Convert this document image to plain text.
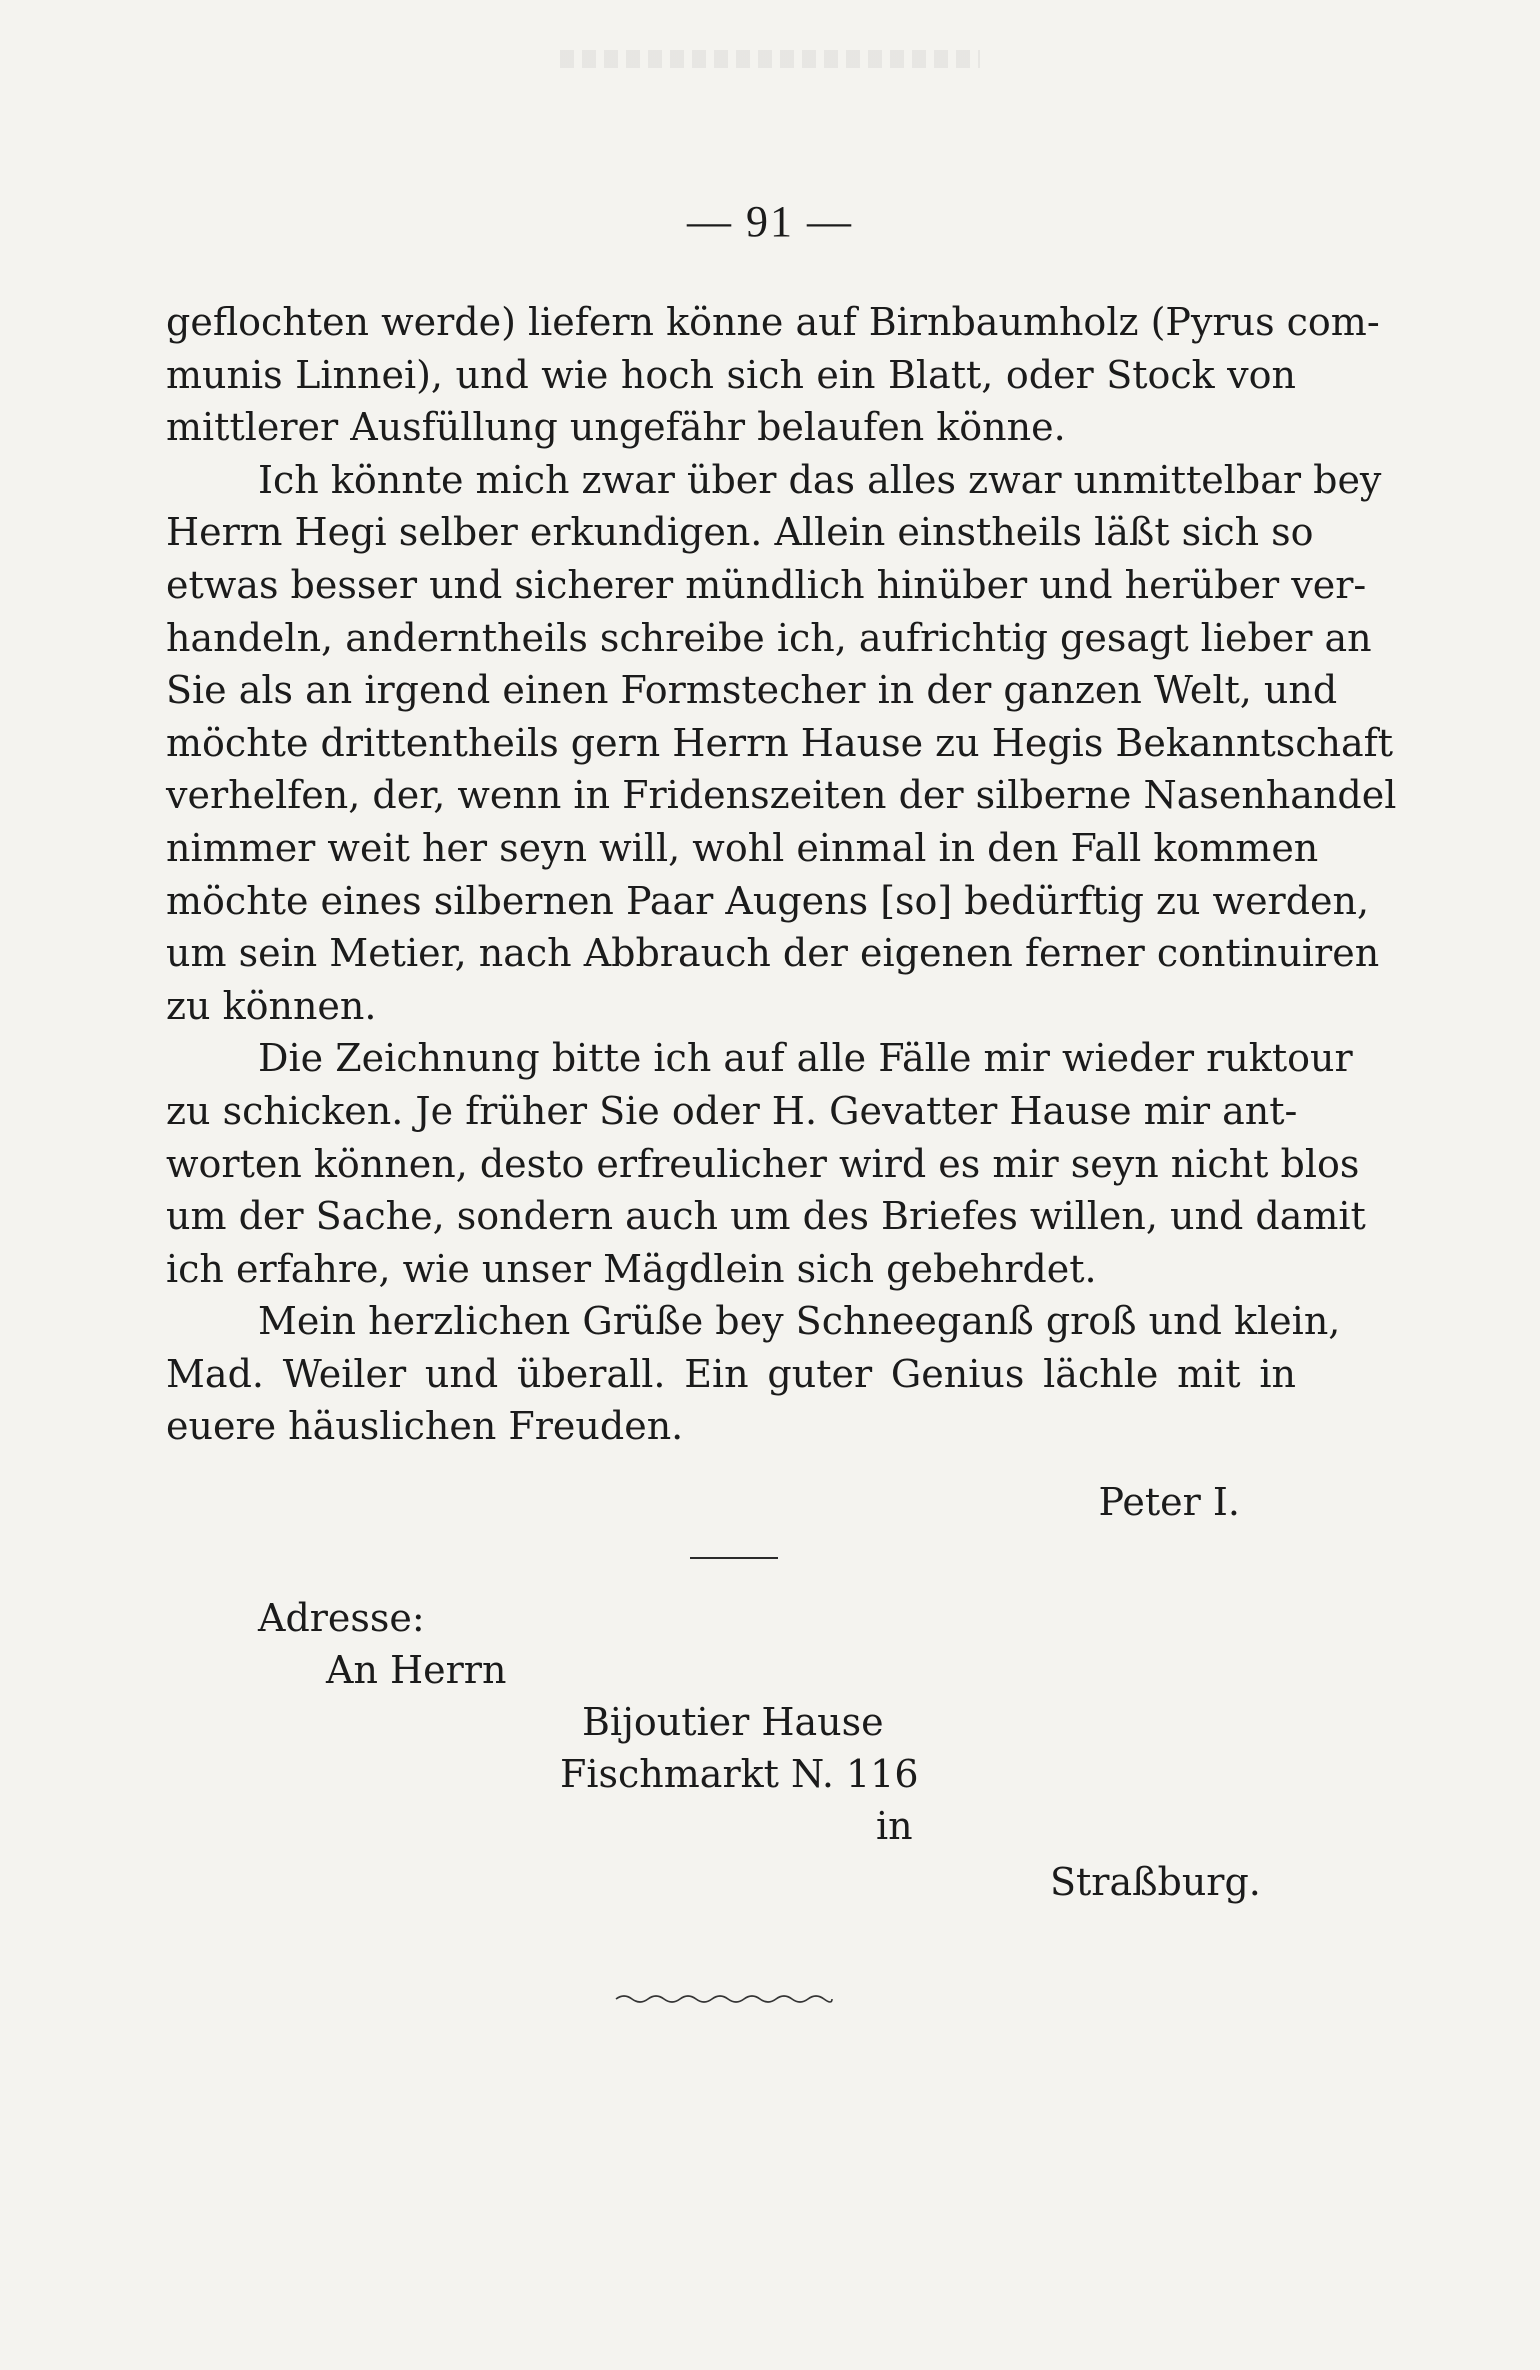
— 91 —
geflochten werde) liefern könne auf Birnbaumholz (Pyrus com-
munis Linnei), und wie hoch sich ein Blatt, oder Stock von
mittlerer Ausfüllung ungefähr belaufen könne.
Ich könnte mich zwar über das alles zwar unmittelbar bey
Herrn Hegi selber erkundigen. Allein einstheils läßt sich so
etwas besser und sicherer mündlich hinüber und herüber ver-
handeln, anderntheils schreibe ich, aufrichtig gesagt lieber an
Sie als an irgend einen Formstecher in der ganzen Welt, und
möchte drittentheils gern Herrn Hause zu Hegis Bekanntschaft
verhelfen, der, wenn in Fridenszeiten der silberne Nasenhandel
nimmer weit her seyn will, wohl einmal in den Fall kommen
möchte eines silbernen Paar Augens [so] bedürftig zu werden,
um sein Metier, nach Abbrauch der eigenen ferner continuiren
zu können.
Die Zeichnung bitte ich auf alle Fälle mir wieder ruktour
zu schicken. Je früher Sie oder H. Gevatter Hause mir ant-
worten können, desto erfreulicher wird es mir seyn nicht blos
um der Sache, sondern auch um des Briefes willen, und damit
ich erfahre, wie unser Mägdlein sich gebehrdet.
Mein herzlichen Grüße bey Schneeganß groß und klein,
Mad. Weiler und überall. Ein guter Genius lächle mit in
euere häuslichen Freuden.
Peter I.
Adresse:
An Herrn
Bijoutier Hause
Fischmarkt N. 116
in
Straßburg.
